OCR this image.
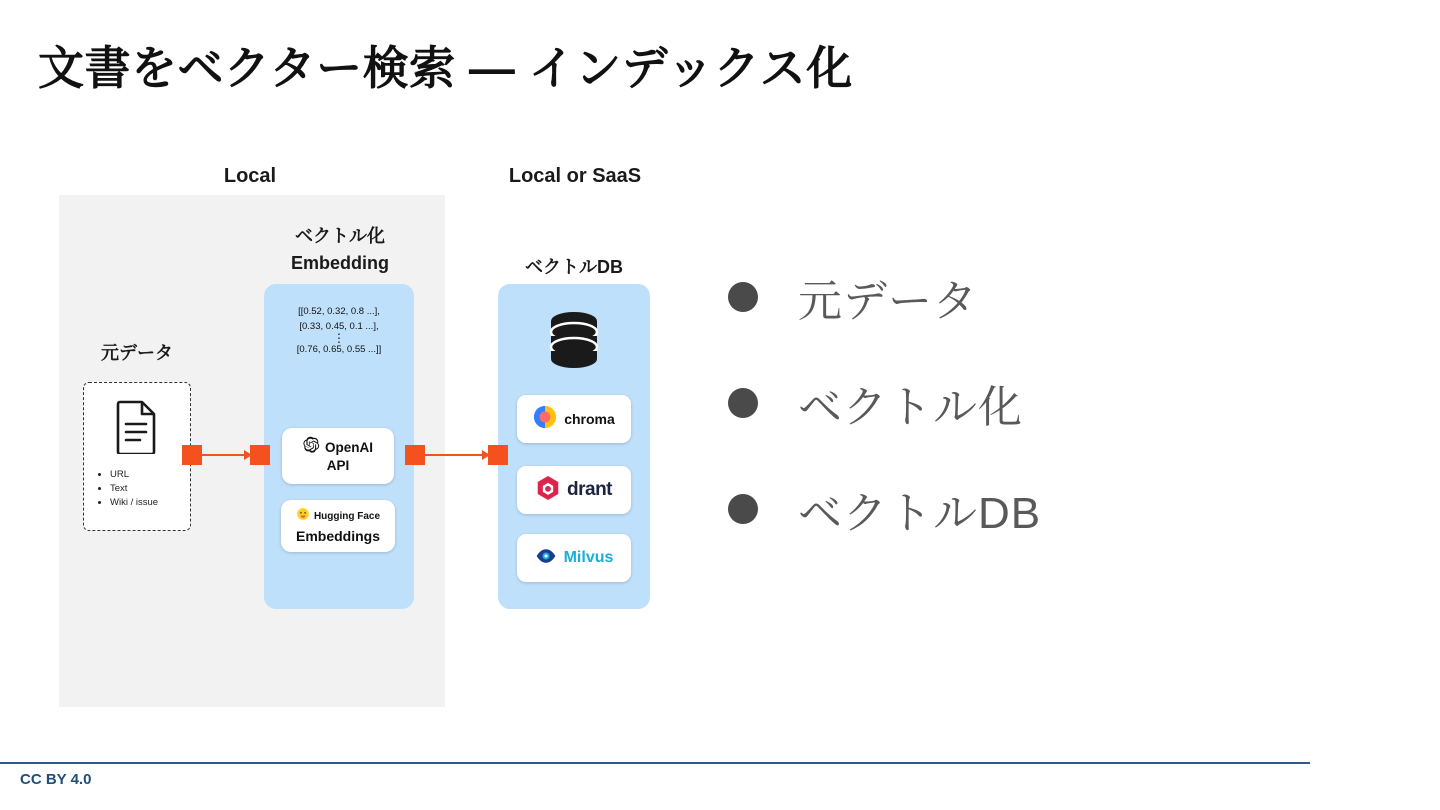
文書をベクター検索 — インデックス化
Local	Local or SaaS
元データ
• URL
• Text
• Wiki / issue
ベクトル化
Embedding
[[0.52, 0.32, 0.8 ...],
[0.33, 0.45, 0.1 ...],
⋮
[0.76, 0.65, 0.55 ...]]
OpenAI
API
Hugging Face
Embeddings
ベクトルDB
chroma
drant
Milvus
元データ
ベクトル化
ベクトルDB
CC BY 4.0
